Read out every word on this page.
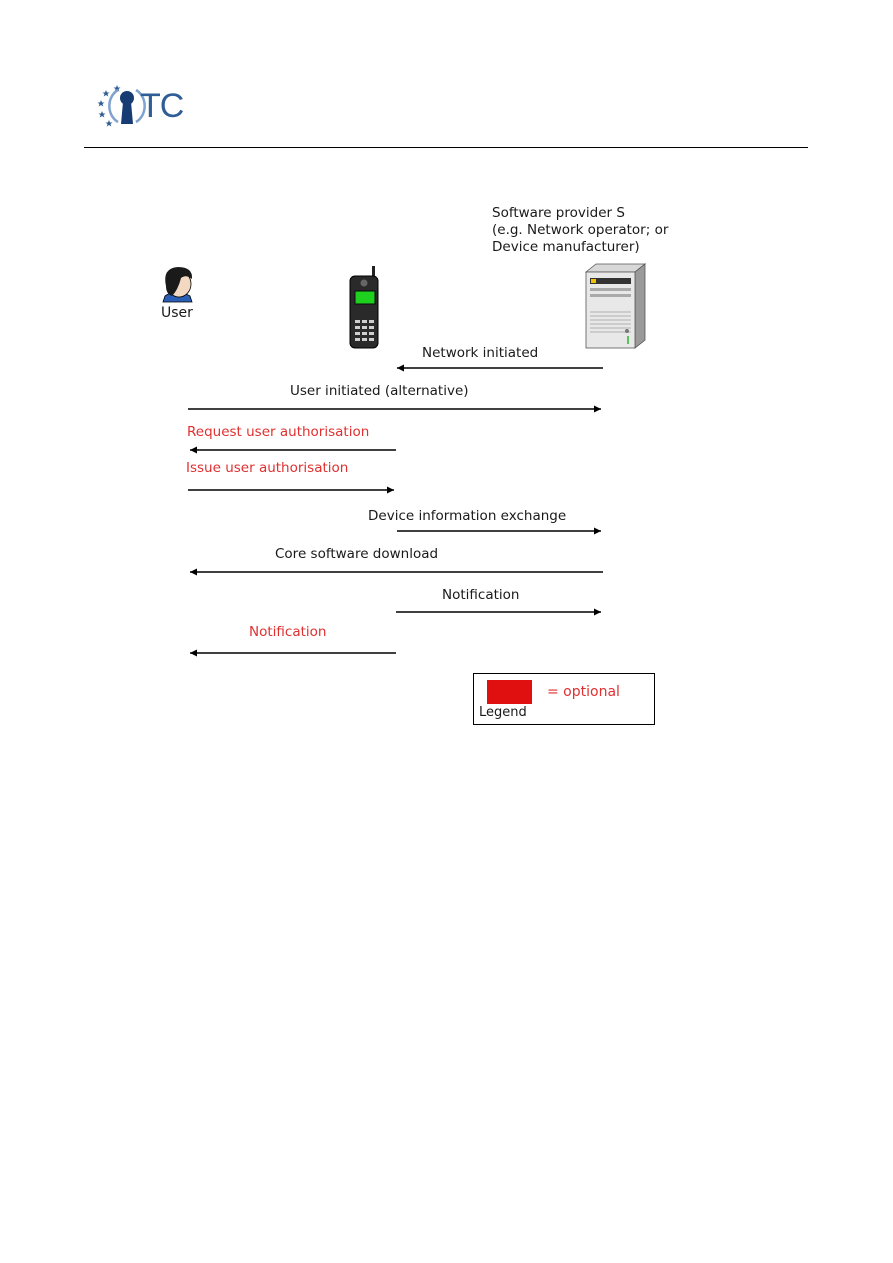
TC
Software provider S
(e.g. Network operator; or
Device manufacturer)
User
Network initiated
User initiated (alternative)
Request user authorisation
Issue user authorisation
Device information exchange
Core software download
Notification
Notification
= optional
Legend
